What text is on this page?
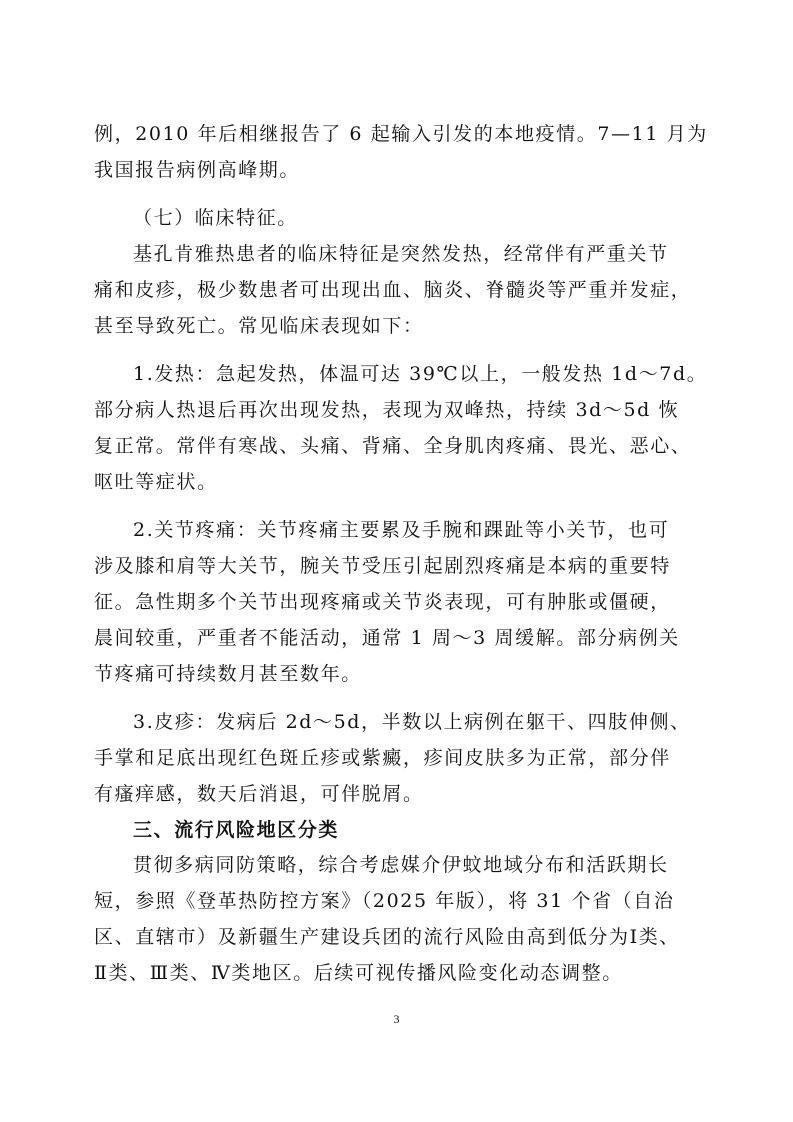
例，2010 年后相继报告了 6 起输入引发的本地疫情。7—11 月为
我国报告病例高峰期。
（七）临床特征。
基孔肯雅热患者的临床特征是突然发热，经常伴有严重关节
痛和皮疹，极少数患者可出现出血、脑炎、脊髓炎等严重并发症，
甚至导致死亡。常见临床表现如下：
1.发热：急起发热，体温可达 39℃以上，一般发热 1d～7d。
部分病人热退后再次出现发热，表现为双峰热，持续 3d～5d 恢
复正常。常伴有寒战、头痛、背痛、全身肌肉疼痛、畏光、恶心、
呕吐等症状。
2.关节疼痛：关节疼痛主要累及手腕和踝趾等小关节，也可
涉及膝和肩等大关节，腕关节受压引起剧烈疼痛是本病的重要特
征。急性期多个关节出现疼痛或关节炎表现，可有肿胀或僵硬，
晨间较重，严重者不能活动，通常 1 周～3 周缓解。部分病例关
节疼痛可持续数月甚至数年。
3.皮疹：发病后 2d～5d，半数以上病例在躯干、四肢伸侧、
手掌和足底出现红色斑丘疹或紫癜，疹间皮肤多为正常，部分伴
有瘙痒感，数天后消退，可伴脱屑。
三、流行风险地区分类
贯彻多病同防策略，综合考虑媒介伊蚊地域分布和活跃期长
短，参照《登革热防控方案》（2025 年版），将 31 个省（自治
区、直辖市）及新疆生产建设兵团的流行风险由高到低分为Ⅰ类、
Ⅱ类、Ⅲ类、Ⅳ类地区。后续可视传播风险变化动态调整。
3
